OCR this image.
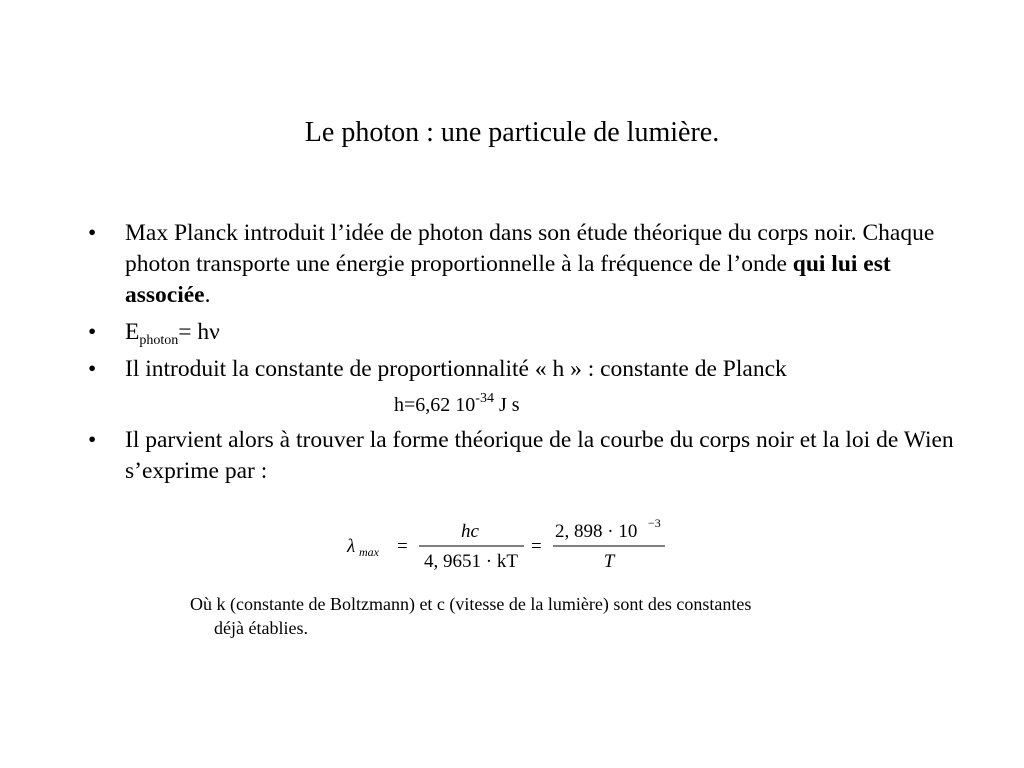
Le photon : une particule de lumière.
• Max Planck introduit l’idée de photon dans son étude théorique du corps noir. Chaque photon transporte une énergie proportionnelle à la fréquence de l’onde qui lui est associée.
• $E_{photon}= h\nu$
• Il introduit la constante de proportionnalité « h » : constante de Planck
• Il parvient alors à trouver la forme théorique de la courbe du corps noir et la loi de Wien s’exprime par :
h=6,62 $10^{-34}$ J s
λ max =
hc
4, 9651 · kT
=
2, 898 · 10 −3
T
Où k (constante de Boltzmann) et c (vitesse de la lumière) sont des constantes
déjà établies.
